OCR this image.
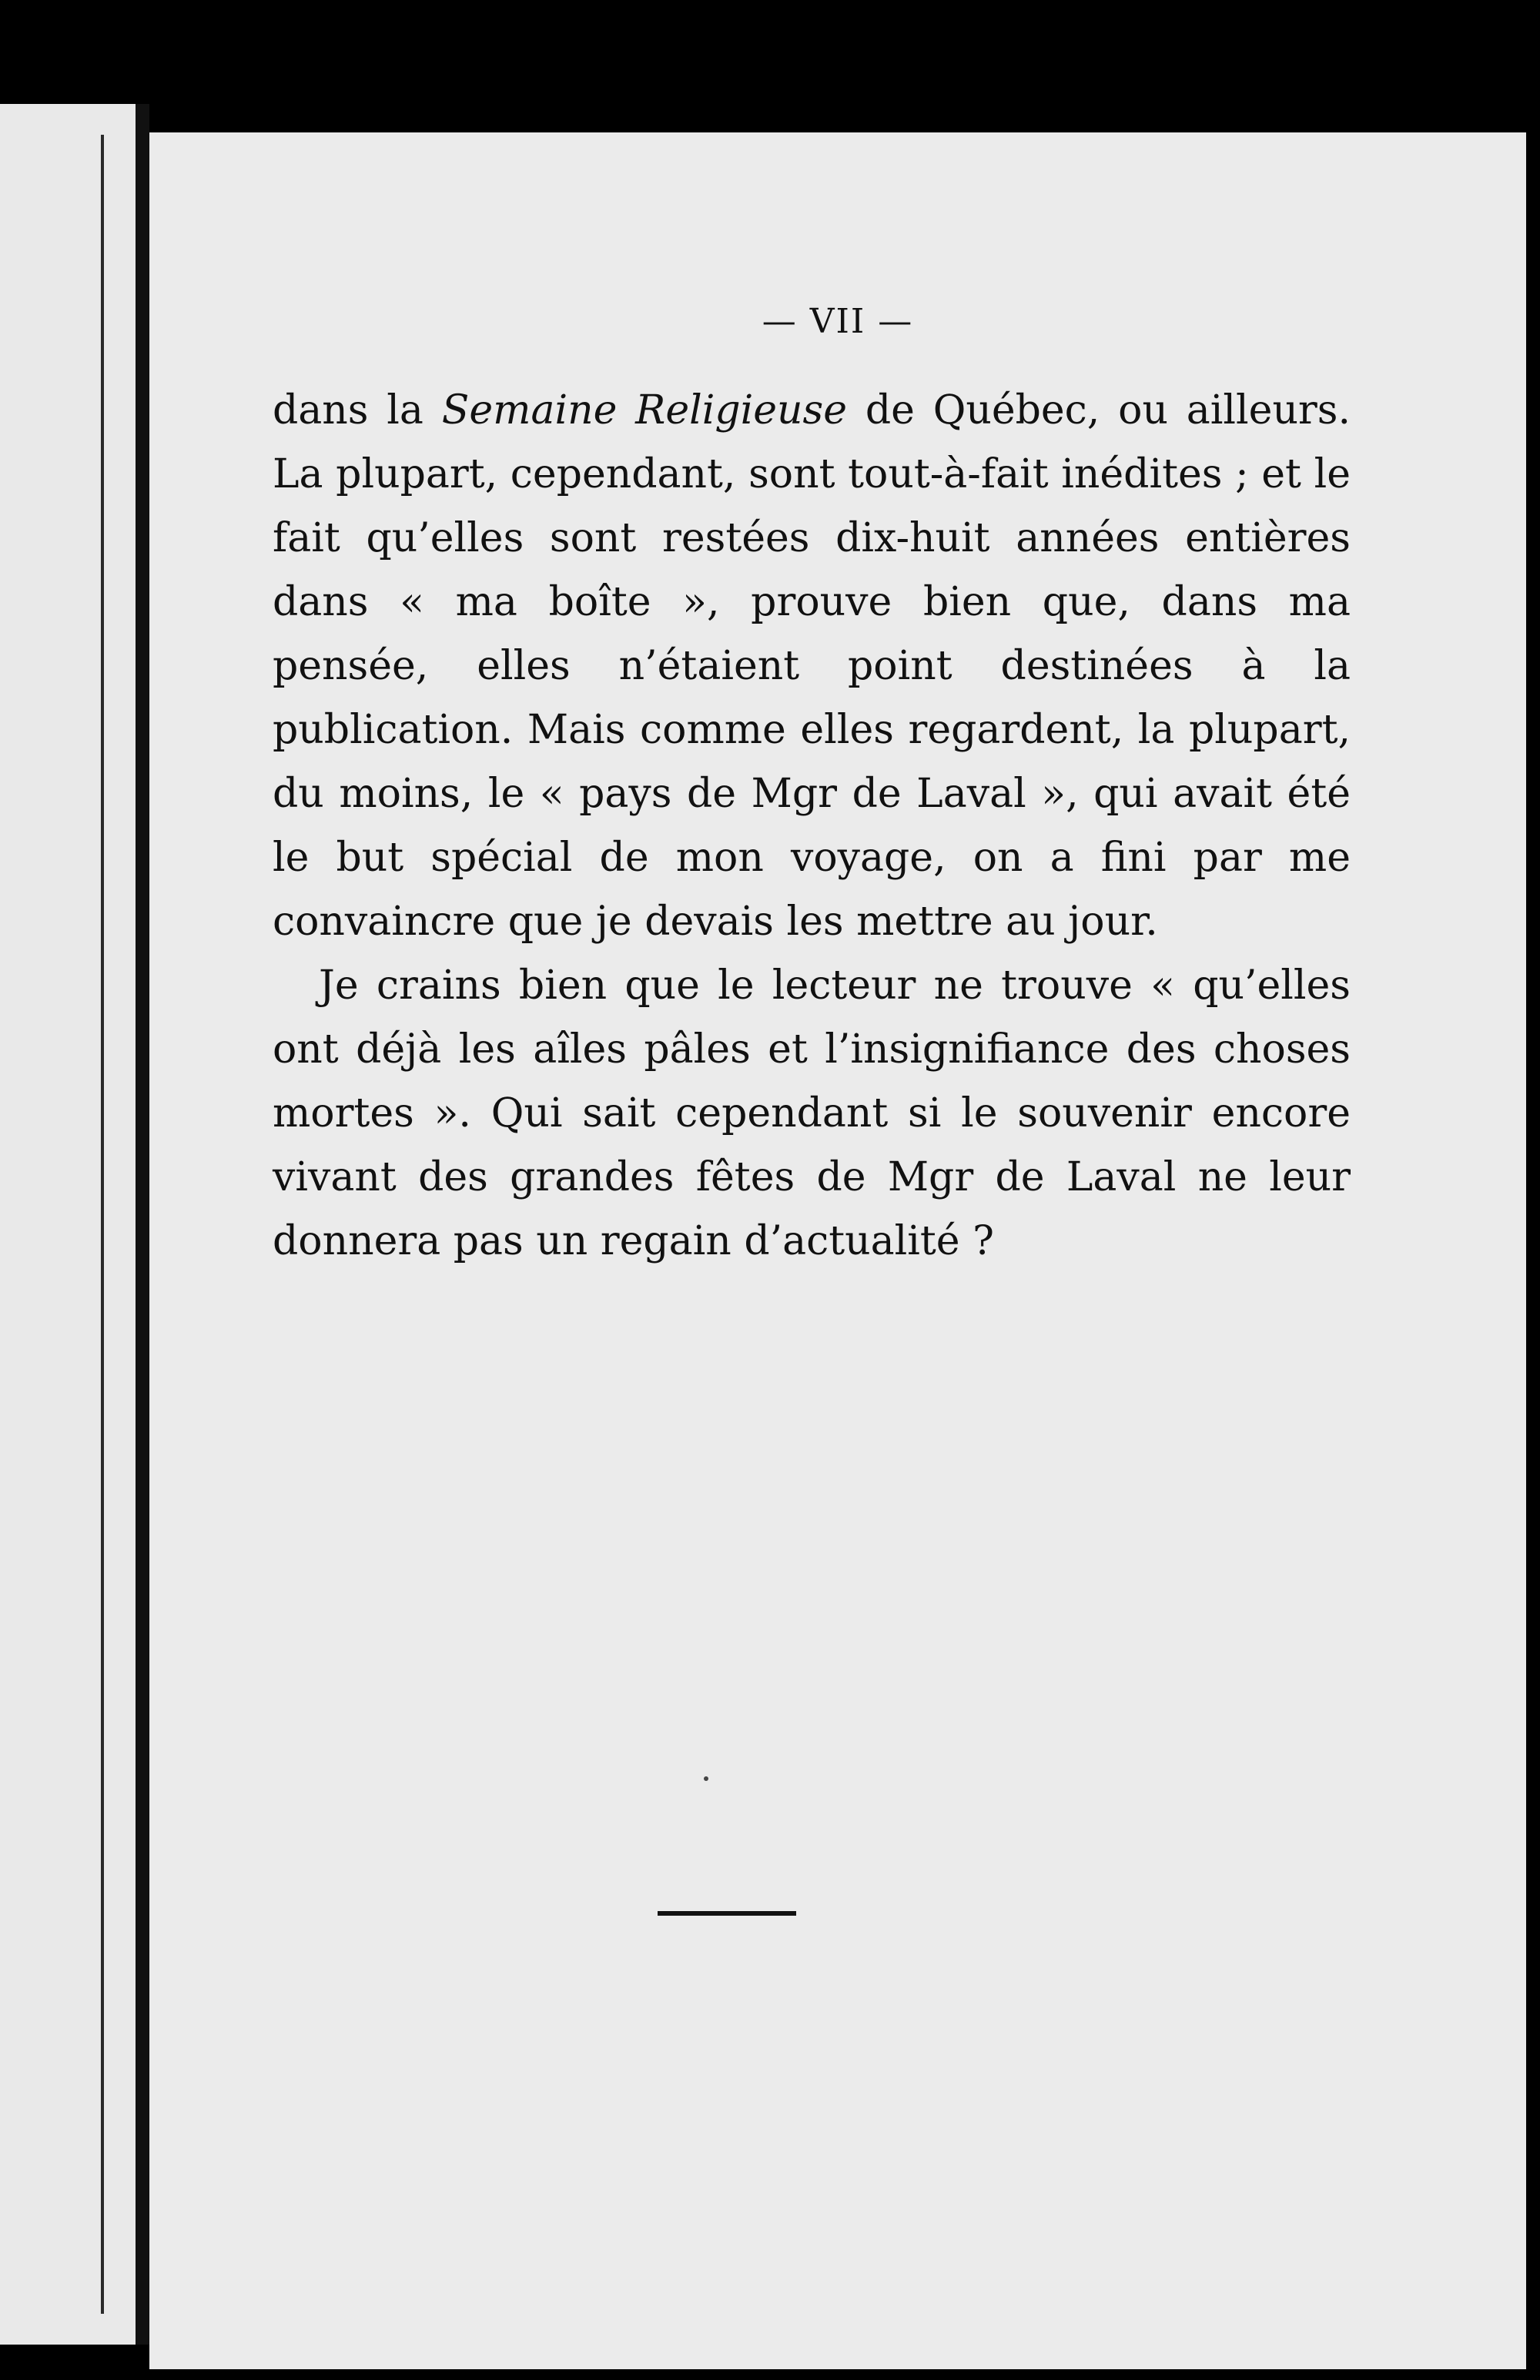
— VII —

dans la Semaine Religieuse de Québec, ou ailleurs. La plupart, cependant, sont tout-à-fait inédites ; et le fait qu’elles sont restées dix-huit années entières dans « ma boîte », prouve bien que, dans ma pensée, elles n’étaient point destinées à la publication. Mais comme elles regardent, la plupart, du moins, le « pays de Mgr de Laval », qui avait été le but spécial de mon voyage, on a fini par me convaincre que je devais les mettre au jour.

Je crains bien que le lecteur ne trouve « qu’elles ont déjà les aîles pâles et l’insignifiance des choses mortes ». Qui sait cependant si le souvenir encore vivant des grandes fêtes de Mgr de Laval ne leur donnera pas un regain d’actualité ?
